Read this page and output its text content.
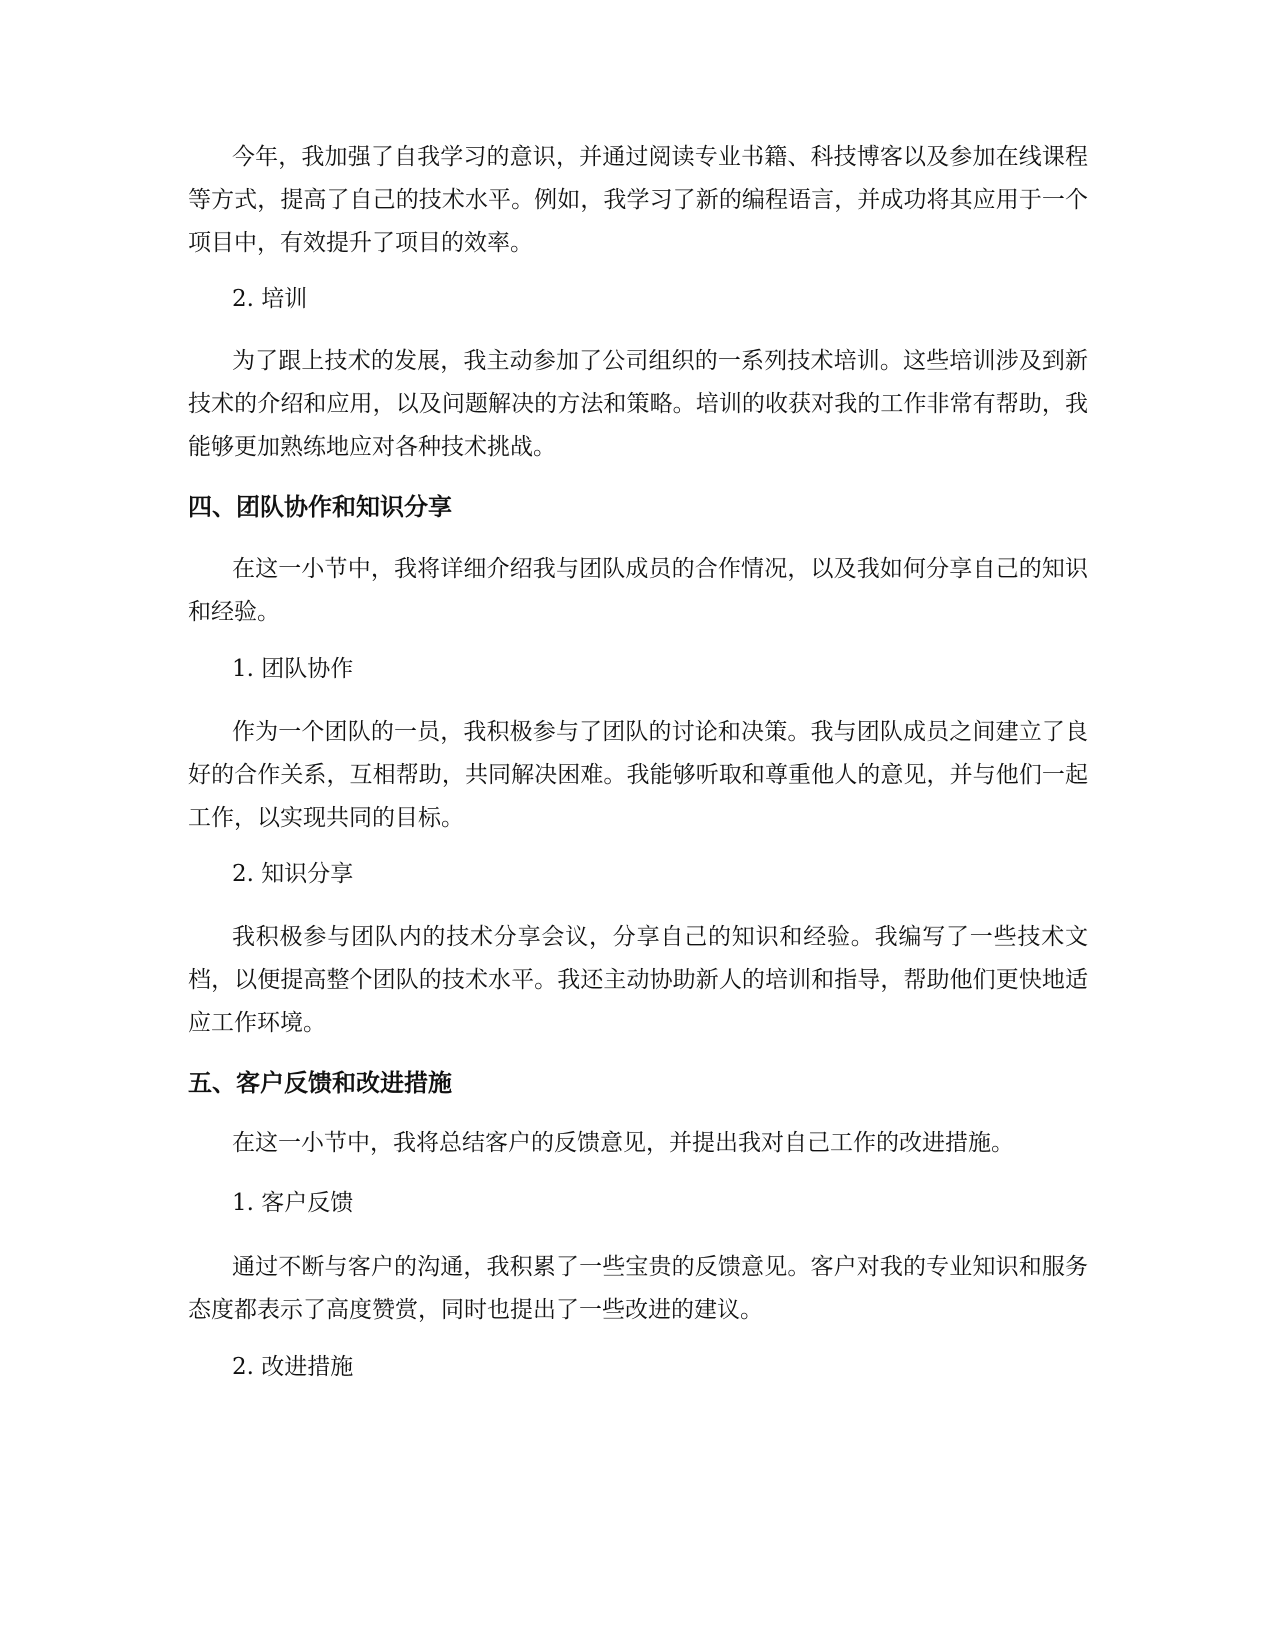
今年，我加强了自我学习的意识，并通过阅读专业书籍、科技博客以及参加在线课程等方式，提高了自己的技术水平。例如，我学习了新的编程语言，并成功将其应用于一个项目中，有效提升了项目的效率。

2. 培训

为了跟上技术的发展，我主动参加了公司组织的一系列技术培训。这些培训涉及到新技术的介绍和应用，以及问题解决的方法和策略。培训的收获对我的工作非常有帮助，我能够更加熟练地应对各种技术挑战。

四、团队协作和知识分享

在这一小节中，我将详细介绍我与团队成员的合作情况，以及我如何分享自己的知识和经验。

1. 团队协作

作为一个团队的一员，我积极参与了团队的讨论和决策。我与团队成员之间建立了良好的合作关系，互相帮助，共同解决困难。我能够听取和尊重他人的意见，并与他们一起工作，以实现共同的目标。

2. 知识分享

我积极参与团队内的技术分享会议，分享自己的知识和经验。我编写了一些技术文档，以便提高整个团队的技术水平。我还主动协助新人的培训和指导，帮助他们更快地适应工作环境。

五、客户反馈和改进措施

在这一小节中，我将总结客户的反馈意见，并提出我对自己工作的改进措施。

1. 客户反馈

通过不断与客户的沟通，我积累了一些宝贵的反馈意见。客户对我的专业知识和服务态度都表示了高度赞赏，同时也提出了一些改进的建议。

2. 改进措施
